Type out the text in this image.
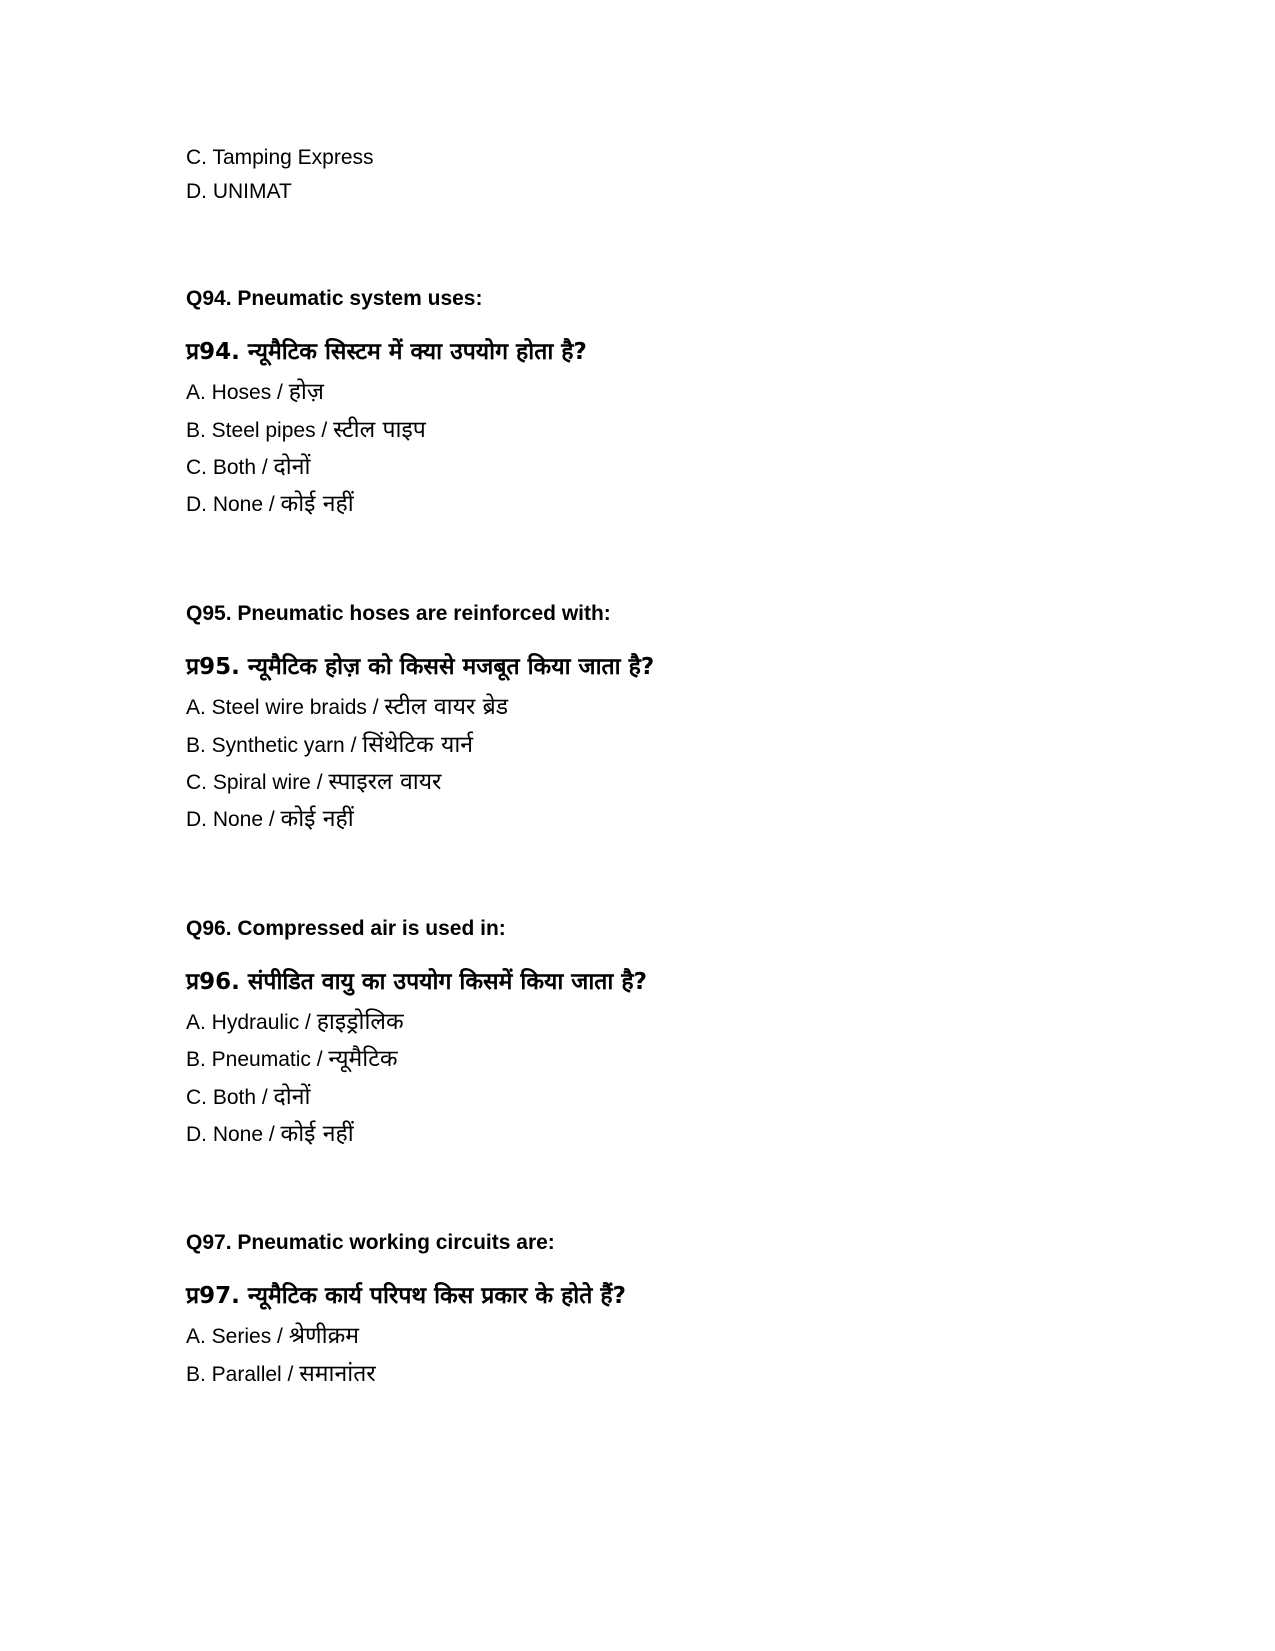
C. Tamping Express
D. UNIMAT
Q94. Pneumatic system uses:
प्र94. न्यूमैटिक सिस्टम में क्या उपयोग होता है?
A. Hoses / होज़
B. Steel pipes / स्टील पाइप
C. Both / दोनों
D. None / कोई नहीं
Q95. Pneumatic hoses are reinforced with:
प्र95. न्यूमैटिक होज़ को किससे मजबूत किया जाता है?
A. Steel wire braids / स्टील वायर ब्रेड
B. Synthetic yarn / सिंथेटिक यार्न
C. Spiral wire / स्पाइरल वायर
D. None / कोई नहीं
Q96. Compressed air is used in:
प्र96. संपीडित वायु का उपयोग किसमें किया जाता है?
A. Hydraulic / हाइड्रोलिक
B. Pneumatic / न्यूमैटिक
C. Both / दोनों
D. None / कोई नहीं
Q97. Pneumatic working circuits are:
प्र97. न्यूमैटिक कार्य परिपथ किस प्रकार के होते हैं?
A. Series / श्रेणीक्रम
B. Parallel / समानांतर
